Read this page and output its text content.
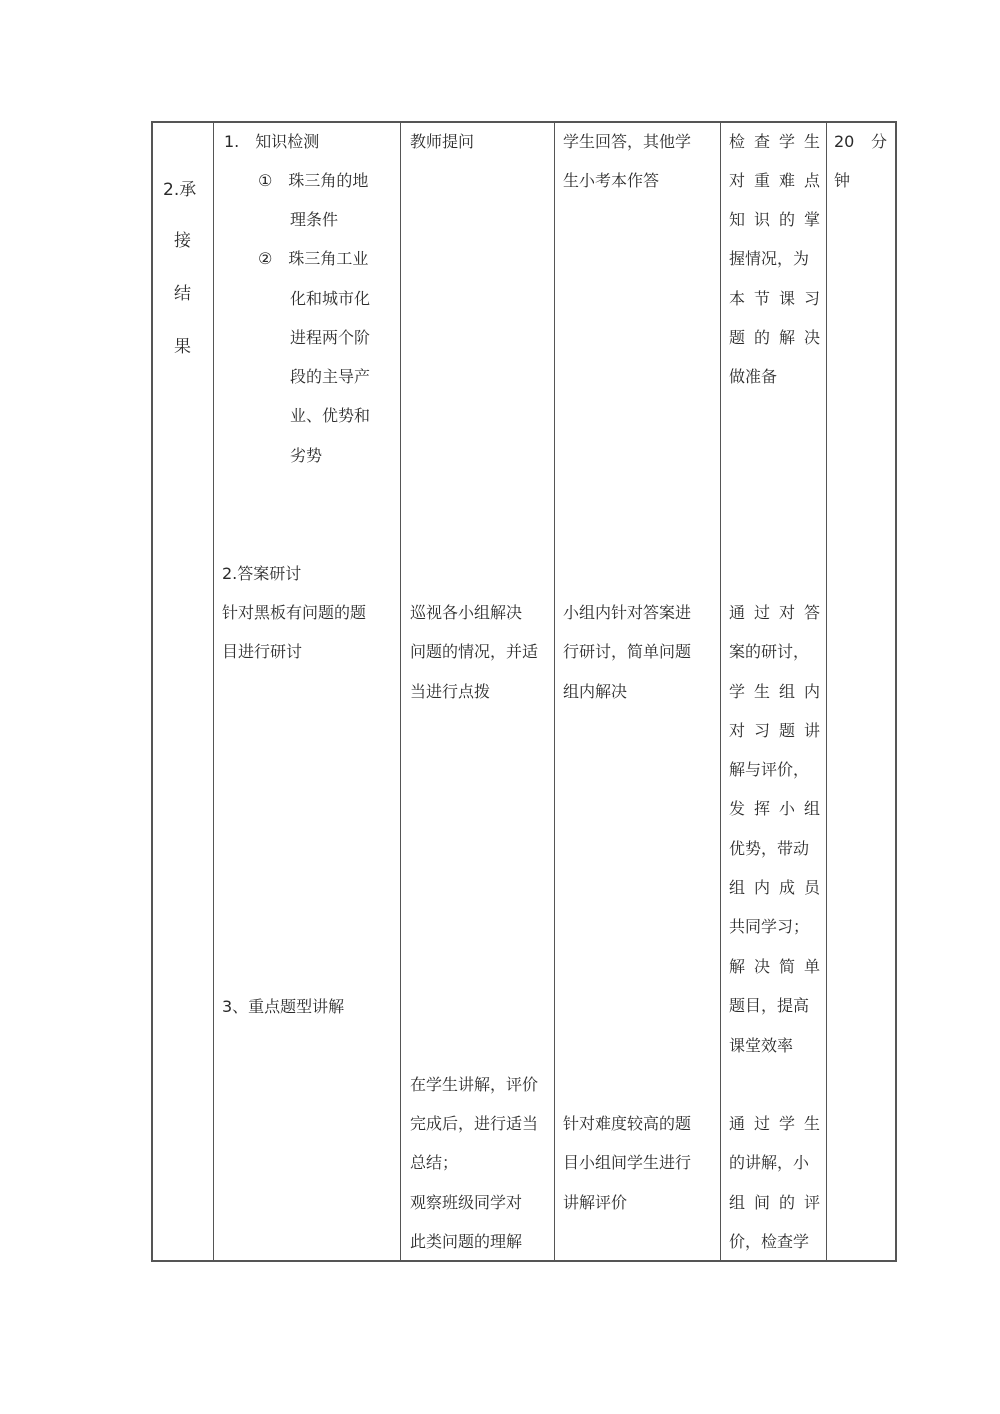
2.承
接
结
果
1.　知识检测
①　珠三角的地
理条件
②　珠三角工业
化和城市化
进程两个阶
段的主导产
业、优势和
劣势
2.答案研讨
针对黑板有问题的题
目进行研讨
3、重点题型讲解
教师提问
巡视各小组解决
问题的情况，并适
当进行点拨
在学生讲解，评价
完成后，进行适当
总结；
观察班级同学对
此类问题的理解
学生回答，其他学
生小考本作答
小组内针对答案进
行研讨，简单问题
组内解决
针对难度较高的题
目小组间学生进行
讲解评价
检查学生
对重难点
知识的掌
握情况，为
本节课习
题的解决
做准备
通过对答
案的研讨，
学生组内
对习题讲
解与评价，
发挥小组
优势，带动
组内成员
共同学习；
解决简单
题目，提高
课堂效率
通过学生
的讲解，小
组间的评
价，检查学
20 分
钟
